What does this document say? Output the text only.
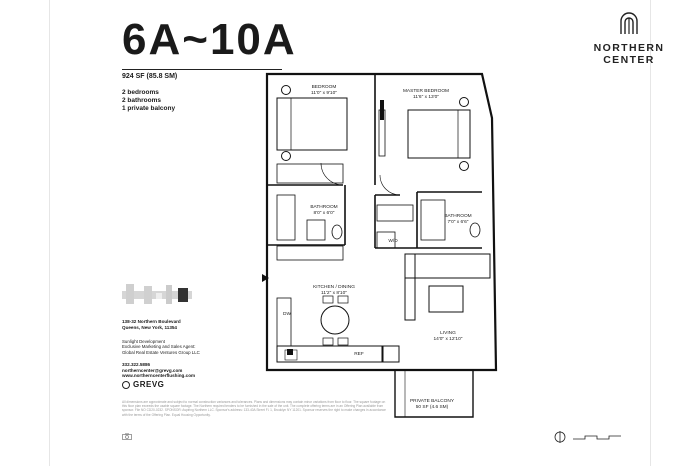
6A~10A
924 SF (85.8 SM)
2 bedrooms
2 bathrooms
1 private balcony
NORTHERN
CENTER
138-32 Northern Boulevard
Queens, New York, 11354
Sunlight Development
Exclusive Marketing and Sales Agent:
Global Real Estate Ventures Group LLC
332.322.5886
northerncenter@grevg.com
www.northerncenterflushing.com
GREVG
All dimensions are approximate and subject to normal construction variances and tolerances. Plans and dimensions may contain minor variations from floor to floor. The square footage on this floor plan exceeds the usable square footage. The Northern required tenders to be furnished in the sale of the unit. The complete offering terms are in an Offering Plan available from sponsor. File NO CD20-0232. SPONSOR: Aspiring Northern LLC. Sponsor's address: 133-40A Street Fl. 1, Brooklyn NY 11201. Sponsor reserves the right to make changes in accordance with the terms of the Offering Plan. Equal Housing Opportunity.
BEDROOM
11'0" x 9'10"	MASTER BEDROOM
11'6" x 13'0"
BATHROOM
8'0" x 6'0"
BATHROOM
7'0" x 6'6"
W/D
KITCHEN / DINING
11'2" x 8'10"
DW
LIVING
14'0" x 12'10"
REF
PRIVATE BALCONY
50 SF (4.6 SM)
